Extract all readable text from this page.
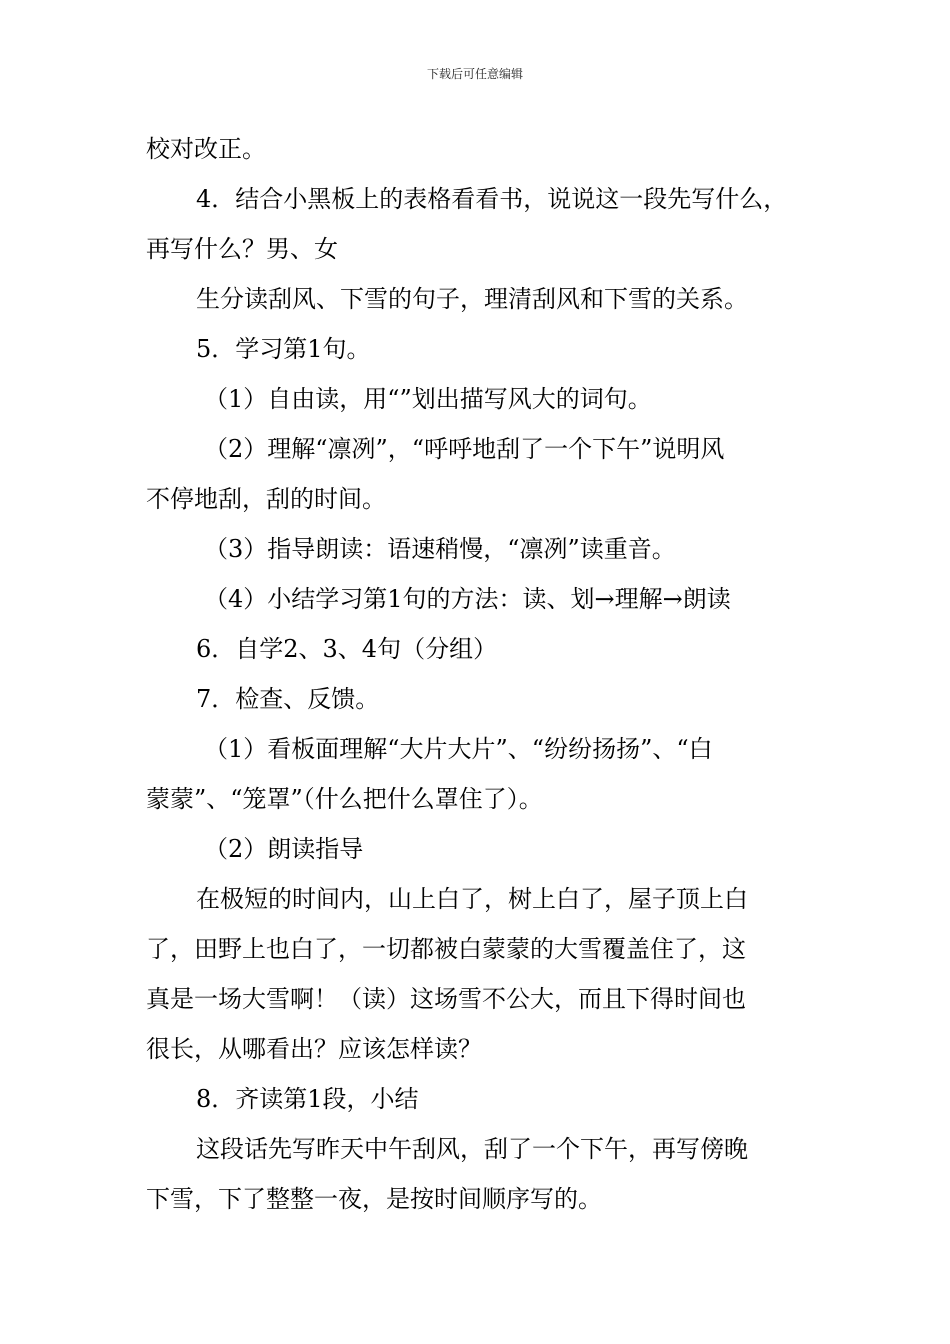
下载后可任意编辑
校对改正。
4．结合小黑板上的表格看看书，说说这一段先写什么，
再写什么？男、女
生分读刮风、下雪的句子，理清刮风和下雪的关系。
5．学习第1句。
（1）自由读，用“”划出描写风大的词句。
（2）理解“凛冽”，“呼呼地刮了一个下午”说明风
不停地刮，刮的时间。
（3）指导朗读：语速稍慢，“凛冽”读重音。
（4）小结学习第1句的方法：读、划→理解→朗读
6．自学2、3、4句（分组）
7．检查、反馈。
（1）看板面理解“大片大片”、“纷纷扬扬”、“白
蒙蒙”、“笼罩”（什么把什么罩住了）。
（2）朗读指导
在极短的时间内，山上白了，树上白了，屋子顶上白
了，田野上也白了，一切都被白蒙蒙的大雪覆盖住了，这
真是一场大雪啊！（读）这场雪不公大，而且下得时间也
很长，从哪看出？应该怎样读？
8．齐读第1段，小结
这段话先写昨天中午刮风，刮了一个下午，再写傍晚
下雪，下了整整一夜，是按时间顺序写的。
